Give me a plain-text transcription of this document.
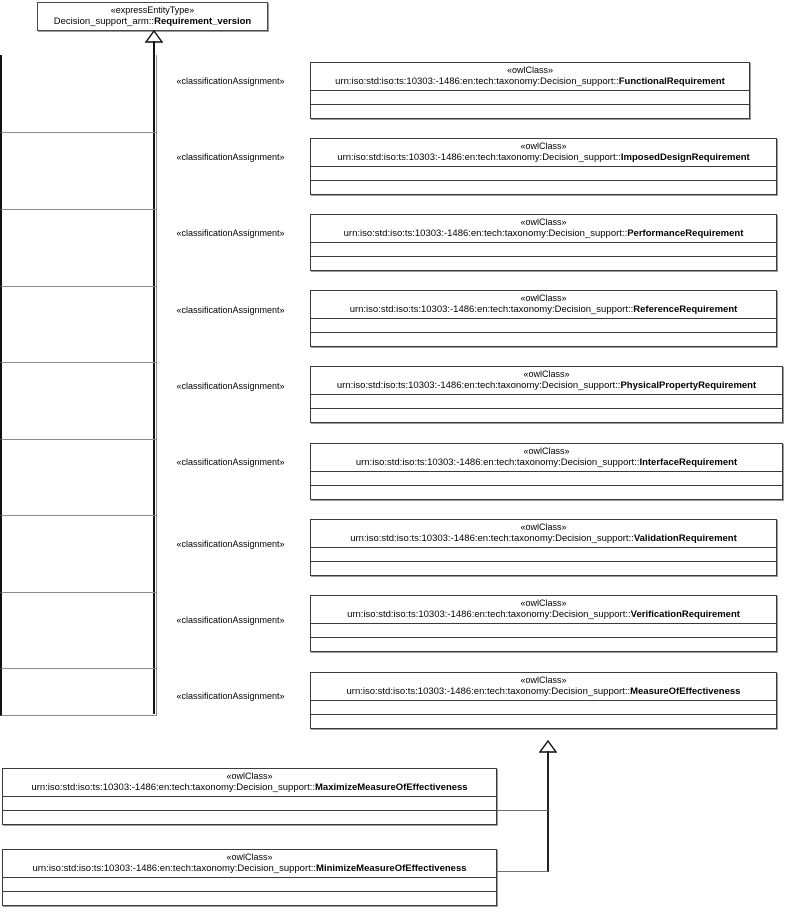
«expressEntityType»
Decision_support_arm::Requirement_version
«classificationAssignment»
«classificationAssignment»
«classificationAssignment»
«classificationAssignment»
«classificationAssignment»
«classificationAssignment»
«classificationAssignment»
«classificationAssignment»
«classificationAssignment»
«owlClass»
urn:iso:std:iso:ts:10303:-1486:en:tech:taxonomy:Decision_support::FunctionalRequirement
«owlClass»
urn:iso:std:iso:ts:10303:-1486:en:tech:taxonomy:Decision_support::ImposedDesignRequirement
«owlClass»
urn:iso:std:iso:ts:10303:-1486:en:tech:taxonomy:Decision_support::PerformanceRequirement
«owlClass»
urn:iso:std:iso:ts:10303:-1486:en:tech:taxonomy:Decision_support::ReferenceRequirement
«owlClass»
urn:iso:std:iso:ts:10303:-1486:en:tech:taxonomy:Decision_support::PhysicalPropertyRequirement
«owlClass»
urn:iso:std:iso:ts:10303:-1486:en:tech:taxonomy:Decision_support::InterfaceRequirement
«owlClass»
urn:iso:std:iso:ts:10303:-1486:en:tech:taxonomy:Decision_support::ValidationRequirement
«owlClass»
urn:iso:std:iso:ts:10303:-1486:en:tech:taxonomy:Decision_support::VerificationRequirement
«owlClass»
urn:iso:std:iso:ts:10303:-1486:en:tech:taxonomy:Decision_support::MeasureOfEffectiveness
«owlClass»
urn:iso:std:iso:ts:10303:-1486:en:tech:taxonomy:Decision_support::MaximizeMeasureOfEffectiveness
«owlClass»
urn:iso:std:iso:ts:10303:-1486:en:tech:taxonomy:Decision_support::MinimizeMeasureOfEffectiveness
